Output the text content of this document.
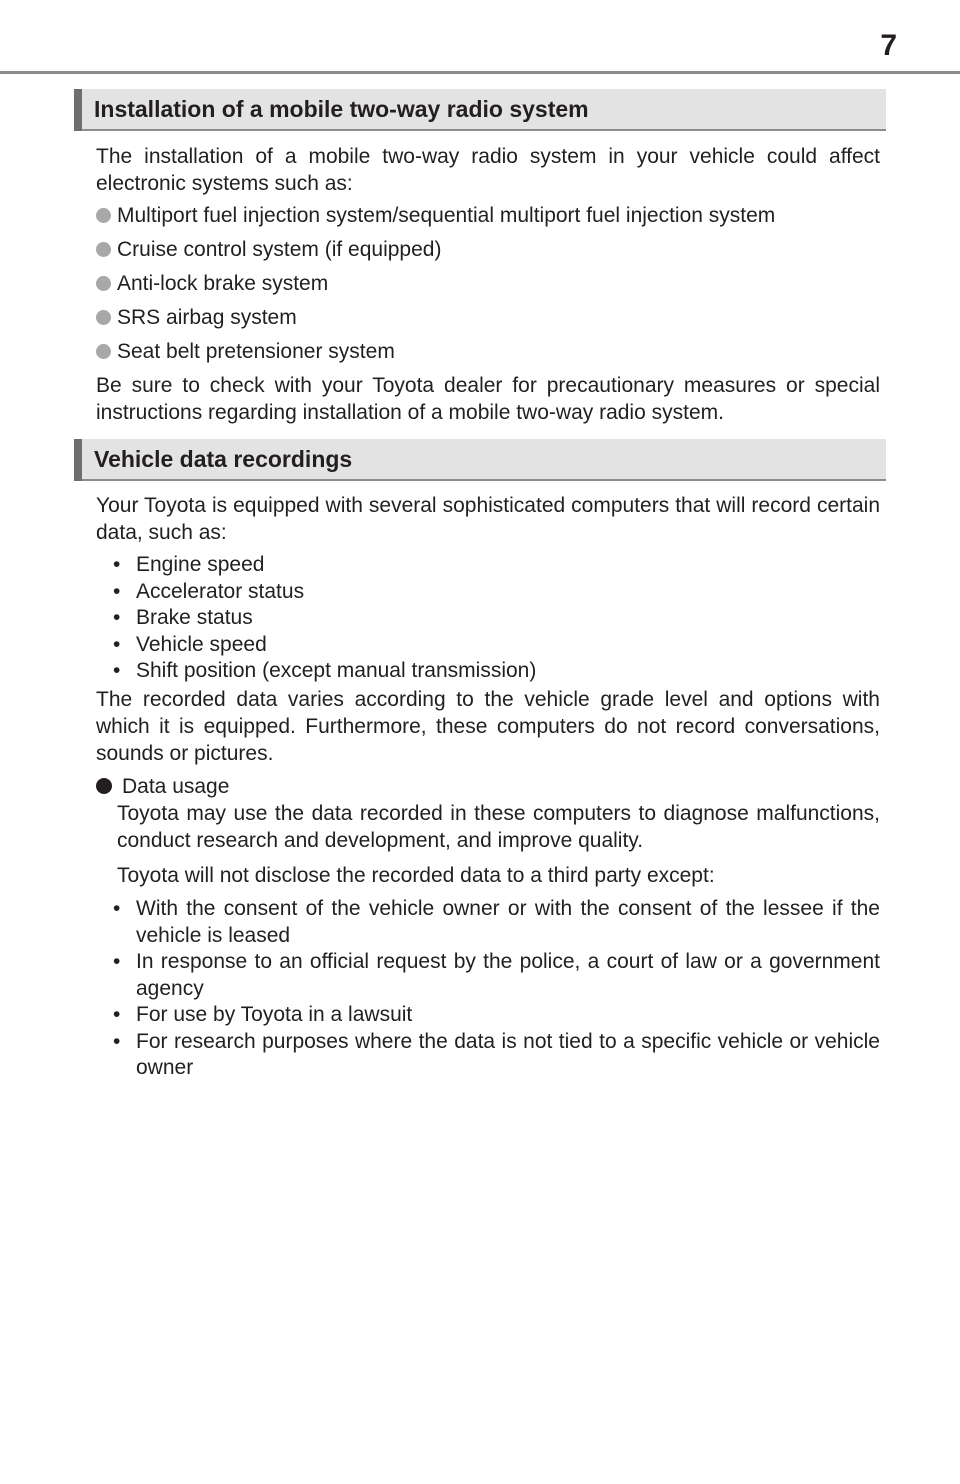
7
Installation of a mobile two-way radio system
The installation of a mobile two-way radio system in your vehicle could affect electronic systems such as:
Multiport fuel injection system/sequential multiport fuel injection system
Cruise control system (if equipped)
Anti-lock brake system
SRS airbag system
Seat belt pretensioner system
Be sure to check with your Toyota dealer for precautionary measures or special instructions regarding installation of a mobile two-way radio system.
Vehicle data recordings
Your Toyota is equipped with several sophisticated computers that will record certain data, such as:
• Engine speed
• Accelerator status
• Brake status
• Vehicle speed
• Shift position (except manual transmission)
The recorded data varies according to the vehicle grade level and options with which it is equipped. Furthermore, these computers do not record conversations, sounds or pictures.
Data usage
Toyota may use the data recorded in these computers to diagnose malfunctions, conduct research and development, and improve quality.
Toyota will not disclose the recorded data to a third party except:
• With the consent of the vehicle owner or with the consent of the lessee if the vehicle is leased
• In response to an official request by the police, a court of law or a government agency
• For use by Toyota in a lawsuit
• For research purposes where the data is not tied to a specific vehicle or vehicle owner
